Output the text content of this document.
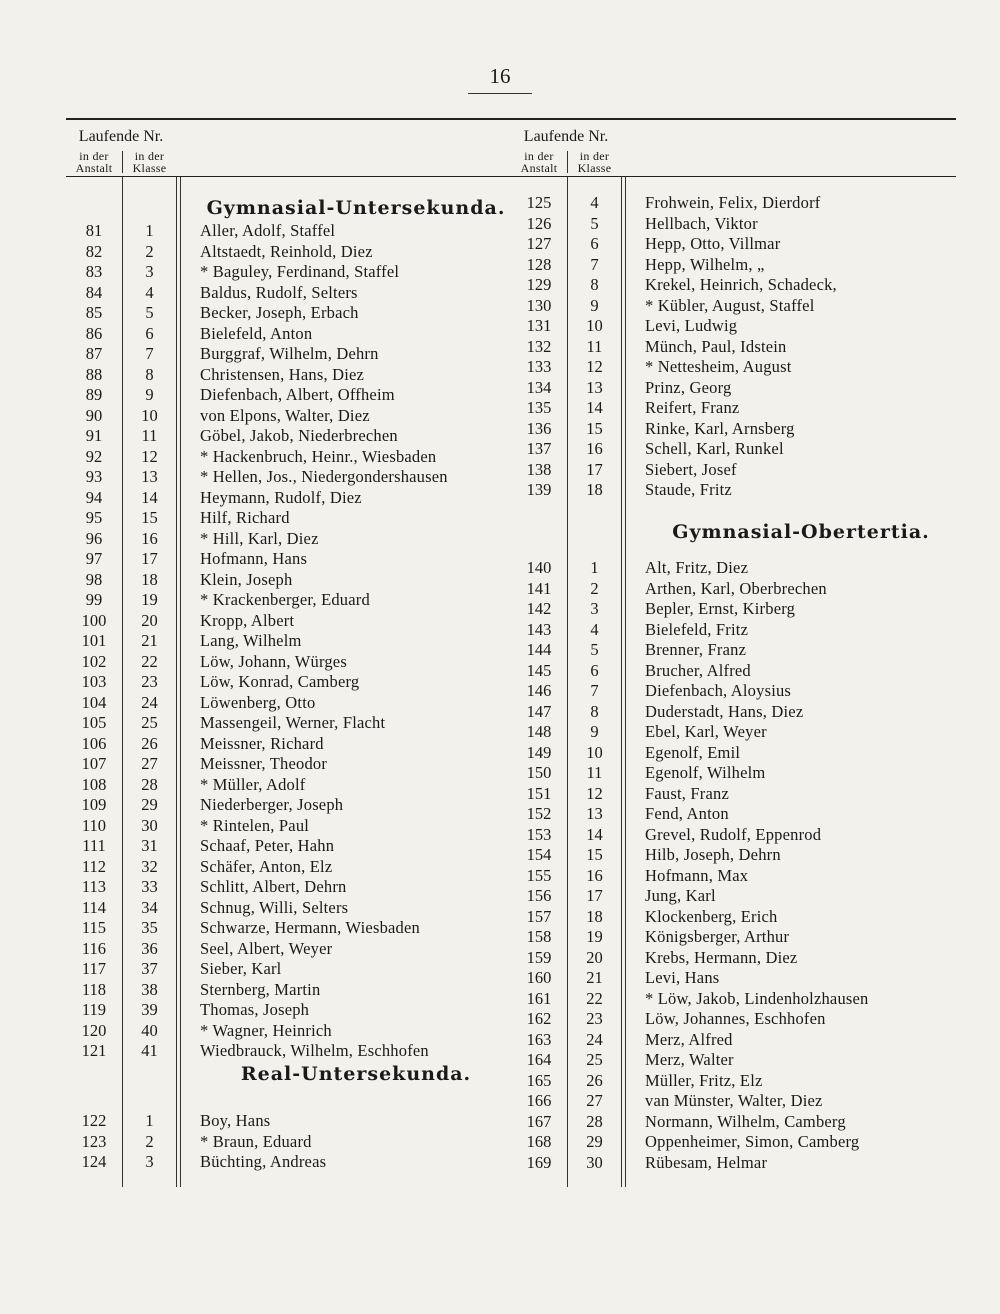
16
Laufende Nr.
in der
Anstalt
in der
Klasse
Gymnasial-Untersekunda.
Real-Untersekunda.
81	1	Aller, Adolf, Staffel
82	2	Altstaedt, Reinhold, Diez
83	3	* Baguley, Ferdinand, Staffel
84	4	Baldus, Rudolf, Selters
85	5	Becker, Joseph, Erbach
86	6	Bielefeld, Anton
87	7	Burggraf, Wilhelm, Dehrn
88	8	Christensen, Hans, Diez
89	9	Diefenbach, Albert, Offheim
90	10	von Elpons, Walter, Diez
91	11	Göbel, Jakob, Niederbrechen
92	12	* Hackenbruch, Heinr., Wiesbaden
93	13	* Hellen, Jos., Niedergondershausen
94	14	Heymann, Rudolf, Diez
95	15	Hilf, Richard
96	16	* Hill, Karl, Diez
97	17	Hofmann, Hans
98	18	Klein, Joseph
99	19	* Krackenberger, Eduard
100	20	Kropp, Albert
101	21	Lang, Wilhelm
102	22	Löw, Johann, Würges
103	23	Löw, Konrad, Camberg
104	24	Löwenberg, Otto
105	25	Massengeil, Werner, Flacht
106	26	Meissner, Richard
107	27	Meissner, Theodor
108	28	* Müller, Adolf
109	29	Niederberger, Joseph
110	30	* Rintelen, Paul
111	31	Schaaf, Peter, Hahn
112	32	Schäfer, Anton, Elz
113	33	Schlitt, Albert, Dehrn
114	34	Schnug, Willi, Selters
115	35	Schwarze, Hermann, Wiesbaden
116	36	Seel, Albert, Weyer
117	37	Sieber, Karl
118	38	Sternberg, Martin
119	39	Thomas, Joseph
120	40	* Wagner, Heinrich
121	41	Wiedbrauck, Wilhelm, Eschhofen
122	1	Boy, Hans
123	2	* Braun, Eduard
124	3	Büchting, Andreas
Laufende Nr.
in der
Anstalt
in der
Klasse
Gymnasial-Obertertia.
125	4	Frohwein, Felix, Dierdorf
126	5	Hellbach, Viktor
127	6	Hepp, Otto, Villmar
128	7	Hepp, Wilhelm, „
129	8	Krekel, Heinrich, Schadeck,
130	9	* Kübler, August, Staffel
131	10	Levi, Ludwig
132	11	Münch, Paul, Idstein
133	12	* Nettesheim, August
134	13	Prinz, Georg
135	14	Reifert, Franz
136	15	Rinke, Karl, Arnsberg
137	16	Schell, Karl, Runkel
138	17	Siebert, Josef
139	18	Staude, Fritz
140	1	Alt, Fritz, Diez
141	2	Arthen, Karl, Oberbrechen
142	3	Bepler, Ernst, Kirberg
143	4	Bielefeld, Fritz
144	5	Brenner, Franz
145	6	Brucher, Alfred
146	7	Diefenbach, Aloysius
147	8	Duderstadt, Hans, Diez
148	9	Ebel, Karl, Weyer
149	10	Egenolf, Emil
150	11	Egenolf, Wilhelm
151	12	Faust, Franz
152	13	Fend, Anton
153	14	Grevel, Rudolf, Eppenrod
154	15	Hilb, Joseph, Dehrn
155	16	Hofmann, Max
156	17	Jung, Karl
157	18	Klockenberg, Erich
158	19	Königsberger, Arthur
159	20	Krebs, Hermann, Diez
160	21	Levi, Hans
161	22	* Löw, Jakob, Lindenholzhausen
162	23	Löw, Johannes, Eschhofen
163	24	Merz, Alfred
164	25	Merz, Walter
165	26	Müller, Fritz, Elz
166	27	van Münster, Walter, Diez
167	28	Normann, Wilhelm, Camberg
168	29	Oppenheimer, Simon, Camberg
169	30	Rübesam, Helmar
